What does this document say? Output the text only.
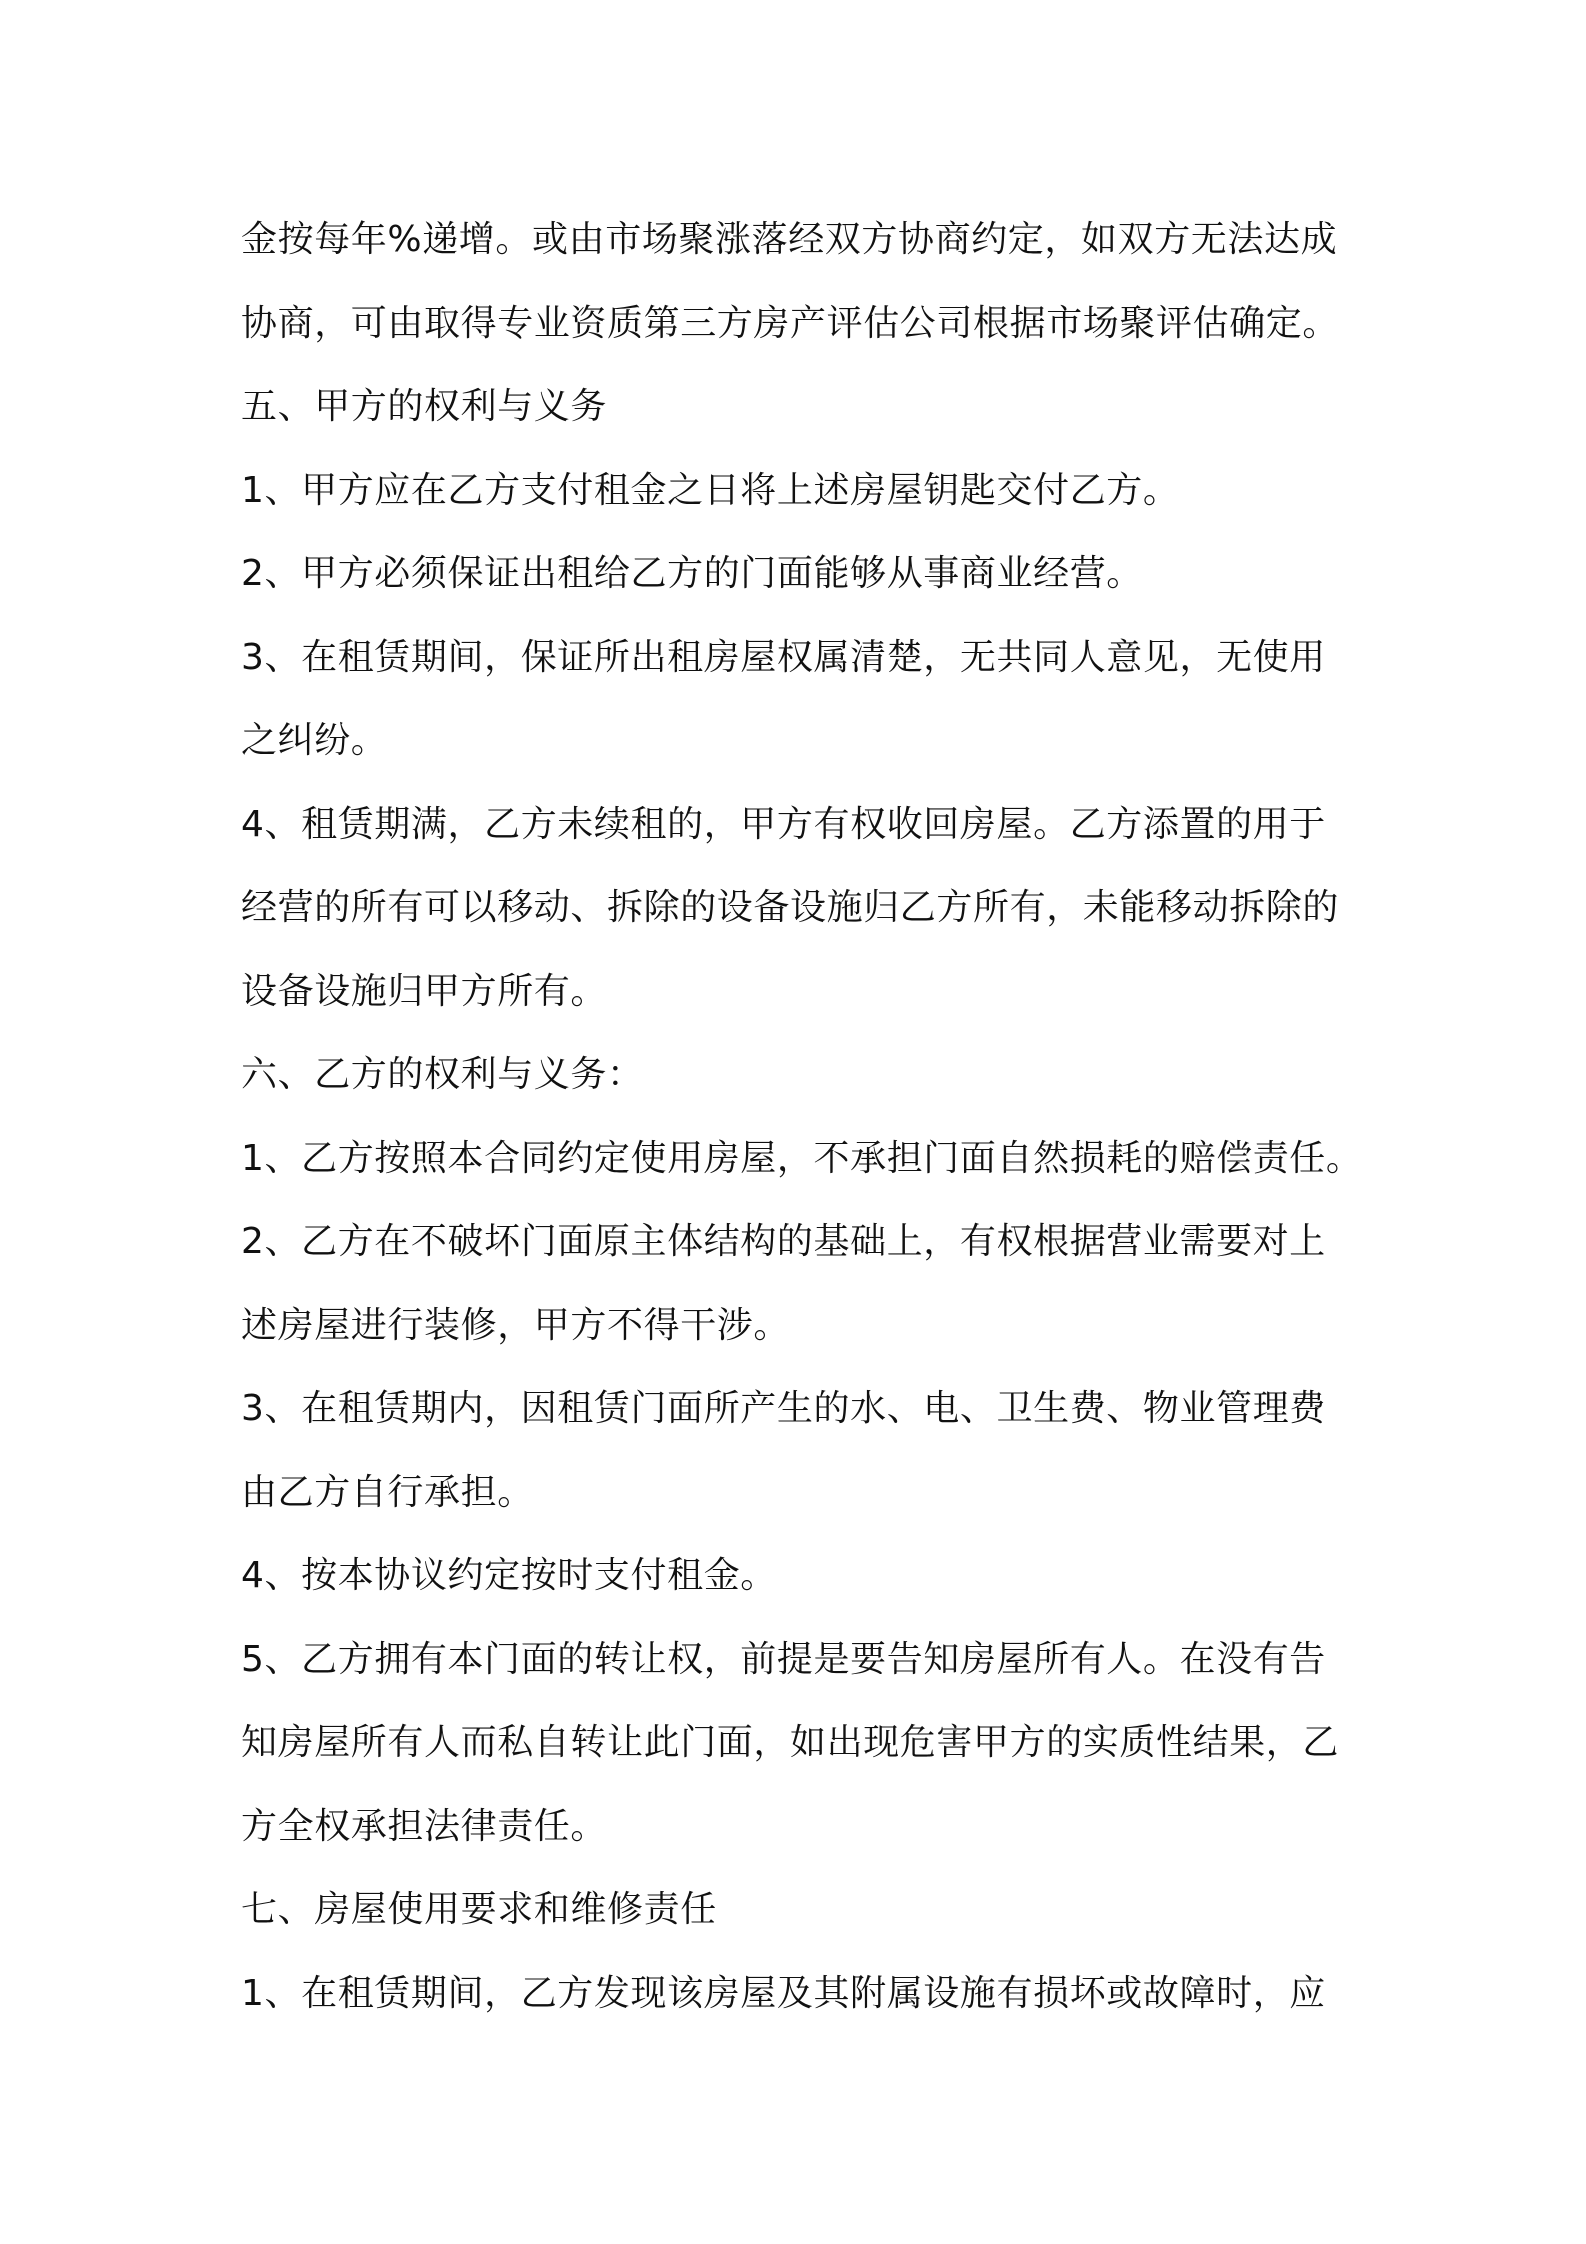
金按每年%递增。或由市场聚涨落经双方协商约定，如双方无法达成
协商，可由取得专业资质第三方房产评估公司根据市场聚评估确定。
五、甲方的权利与义务
1、甲方应在乙方支付租金之日将上述房屋钥匙交付乙方。
2、甲方必须保证出租给乙方的门面能够从事商业经营。
3、在租赁期间，保证所出租房屋权属清楚，无共同人意见，无使用
之纠纷。
4、租赁期满，乙方未续租的，甲方有权收回房屋。乙方添置的用于
经营的所有可以移动、拆除的设备设施归乙方所有，未能移动拆除的
设备设施归甲方所有。
六、乙方的权利与义务：
1、乙方按照本合同约定使用房屋，不承担门面自然损耗的赔偿责任。
2、乙方在不破坏门面原主体结构的基础上，有权根据营业需要对上
述房屋进行装修，甲方不得干涉。
3、在租赁期内，因租赁门面所产生的水、电、卫生费、物业管理费
由乙方自行承担。
4、按本协议约定按时支付租金。
5、乙方拥有本门面的转让权，前提是要告知房屋所有人。在没有告
知房屋所有人而私自转让此门面，如出现危害甲方的实质性结果，乙
方全权承担法律责任。
七、房屋使用要求和维修责任
1、在租赁期间，乙方发现该房屋及其附属设施有损坏或故障时，应
